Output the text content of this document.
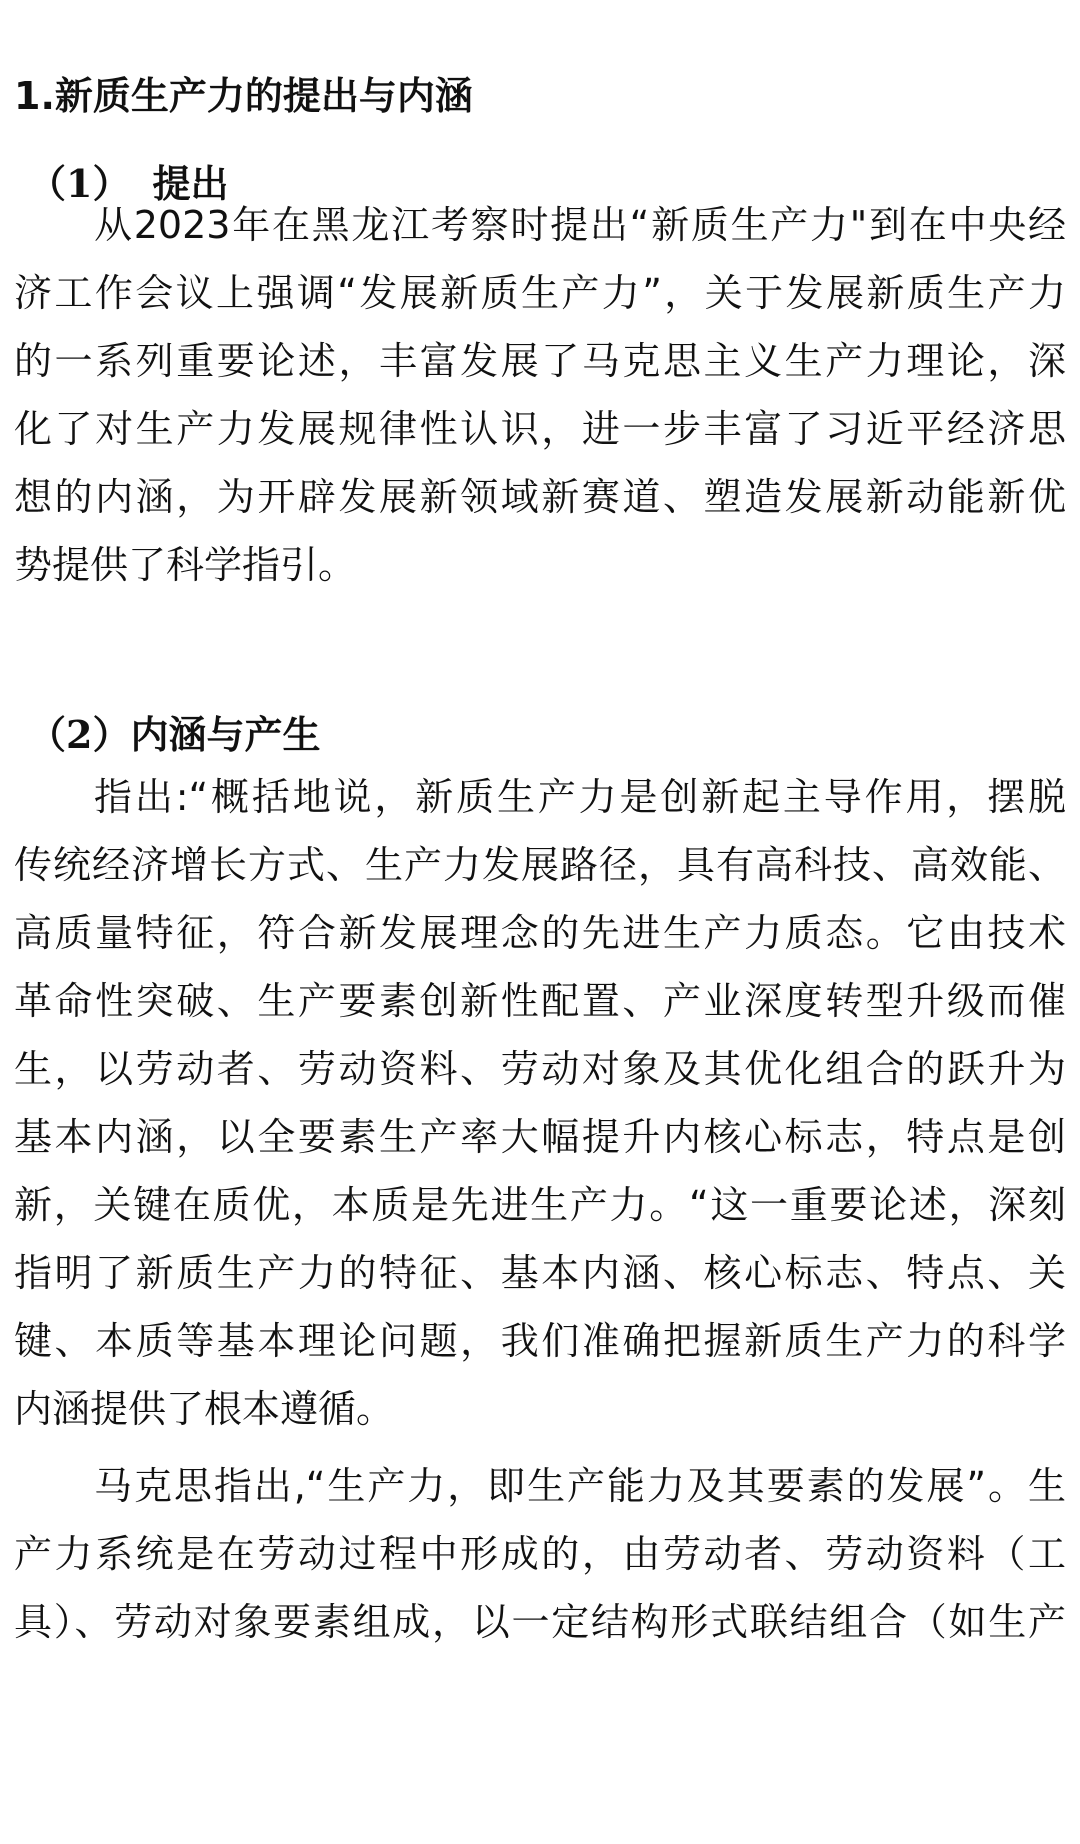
1.新质生产力的提出与内涵
（1） 提出
从2023年在黑龙江考察时提出“新质生产力"到在中央经
济工作会议上强调“发展新质生产力”，关于发展新质生产力
的一系列重要论述，丰富发展了马克思主义生产力理论，深
化了对生产力发展规律性认识，进一步丰富了习近平经济思
想的内涵，为开辟发展新领域新赛道、塑造发展新动能新优
势提供了科学指引。
（2）内涵与产生
指出:“概括地说，新质生产力是创新起主导作用，摆脱
传统经济增长方式、生产力发展路径，具有高科技、高效能、
高质量特征，符合新发展理念的先进生产力质态。它由技术
革命性突破、生产要素创新性配置、产业深度转型升级而催
生，以劳动者、劳动资料、劳动对象及其优化组合的跃升为
基本内涵，以全要素生产率大幅提升内核心标志，特点是创
新，关键在质优，本质是先进生产力。“这一重要论述，深刻
指明了新质生产力的特征、基本内涵、核心标志、特点、关
键、本质等基本理论问题，我们准确把握新质生产力的科学
内涵提供了根本遵循。
马克思指出,“生产力，即生产能力及其要素的发展”。生
产力系统是在劳动过程中形成的，由劳动者、劳动资料（工
具）、劳动对象要素组成，以一定结构形式联结组合（如生产
